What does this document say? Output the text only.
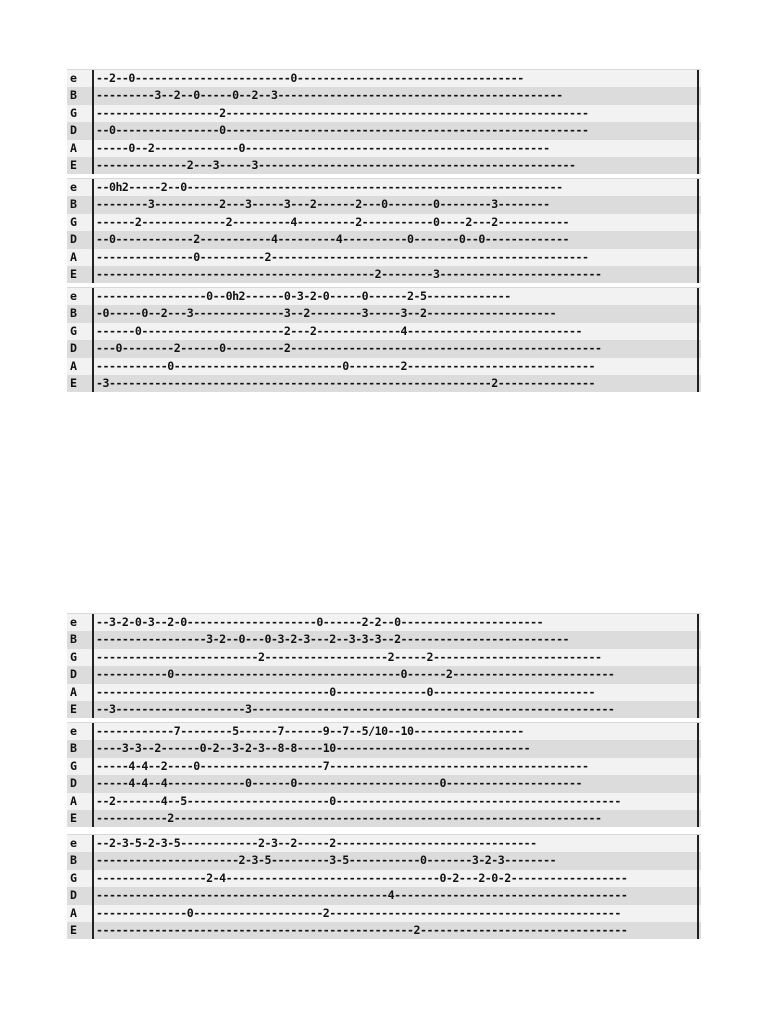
e	--2--0------------------------0-----------------------------------
B	---------3--2--0-----0--2--3--------------------------------------------
G	-------------------2--------------------------------------------------------
D	--0----------------0--------------------------------------------------------
A	-----0--2-------------0-----------------------------------------------
E	--------------2---3-----3-------------------------------------------------
e	--0h2-----2--0----------------------------------------------------------
B	--------3----------2---3-----3---2------2---0-------0--------3--------
G	------2-------------2---------4---------2-----------0----2---2-----------
D	--0------------2-----------4---------4----------0-------0--0-------------
A	---------------0----------2-------------------------------------------------
E	-------------------------------------------2--------3-------------------------
e	-----------------0--0h2------0-3-2-0-----0------2-5-------------
B	-0-----0--2---3--------------3--2--------3-----3--2--------------------
G	------0----------------------2---2-------------4---------------------------
D	---0--------2------0---------2------------------------------------------------
A	-----------0--------------------------0--------2-----------------------------
E	-3-----------------------------------------------------------2---------------
e	--3-2-0-3--2-0--------------------0------2-2--0----------------------
B	-----------------3-2--0---0-3-2-3---2--3-3-3--2--------------------------
G	-------------------------2-------------------2-----2--------------------------
D	-----------0-----------------------------------0------2-------------------------
A	------------------------------------0--------------0-------------------------
E	--3--------------------3--------------------------------------------------------
e	------------7--------5------7------9--7--5/10--10-----------------
B	----3-3--2------0-2--3-2-3--8-8----10------------------------------
G	-----4-4--2----0-------------------7----------------------------------------
D	-----4-4--4------------0------0----------------------0---------------------
A	--2-------4--5----------------------0--------------------------------------------
E	-----------2------------------------------------------------------------------
e	--2-3-5-2-3-5------------2-3--2-----2-------------------------------
B	----------------------2-3-5---------3-5-----------0-------3-2-3--------
G	-----------------2-4---------------------------------0-2---2-0-2------------------
D	---------------------------------------------4------------------------------------
A	--------------0--------------------2---------------------------------------------
E	-------------------------------------------------2--------------------------------
